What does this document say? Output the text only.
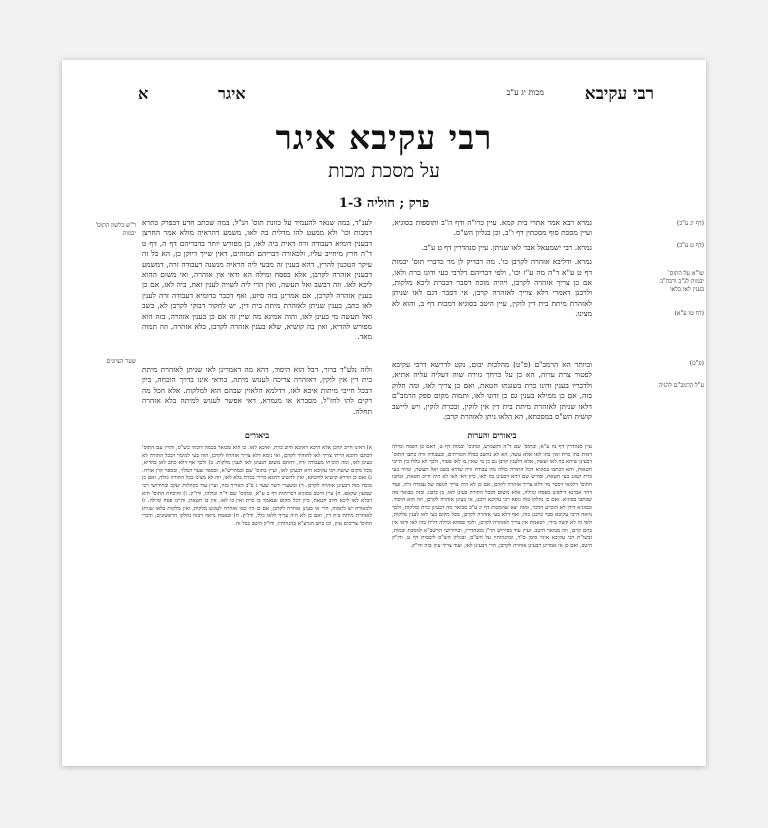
רבי עקיבא
מכות יג ע"ב
איגר
א
רבי עקיבא איגר
על מסכת מכות
פרק ; חוליה 1-3
(דף יג ע"ב)
(דף ט ע"ב)
(דף טו ע"א)
(פ"ט)
ר"ש בלשון התוס' יבמות
שו"א על התוס' יבמות לג"ב ורבה"ב בענין לאו בלאו
ע"ל הרמב"ם להגיה
שער הציונים

גמרא רבא אמר אתרי בית קמא. עיין כרו"ה ודף ה"ב ותוספות בסוגיא, ועיין מסכת סוף מסכתין דף ו"ב, וכן בגליון הש"ס.

גמרא. רבי ישמעאל אבר לאו שניתן. עיין סנהדרין דף ט ע"ב.

גמרא. ודליבא אזהרה לקרבן כו'. מה דבדיק לן מר כדברי תוס' יבמות דף ט ע"א ד"ה מה ע"ז וכו', ולפי דבריהם דלרבי בעי ודונו כרת ולאו, אם כן צריך אזהרה לקרבן, ויהיה מוכח דסבר דבכרת ליכא מלקות, ולרבנן דאמרי דלא צריך לאזהרה קרבן, אי דסבר דגם לאו שניתן לאזהרת מיתת בית דין לוקין, עיין היטב בסוגיא דמכות דף ב, והוא לא מצינו.

לענ"ד, במה שנאר להעמיד על כוונת תוס' הנ"ל, במה שכתב חדע דבפרק כתרא דמכות וכו' ולא ממעט להו מדלית בה לאו, משמע דהראיה מולא אמר החרצן דבענין דומיא דעבודה זרה דאית ביה לאו, כן מפורש יותר בדבריהם דף ה, דף ט ד"ה חרץ מיחייב עליו, ולכאורה דבריהם תמוהים, דאין שייך דיוקן כן, הא כל זה עיקר הטכנון להרץ, דהא בענין זה מבעי ליה הראיה מנשנה דעבודה זרה, דמשמע דבענין אזהרה לקרבן, אלא בפסח ומילה הא ודאי אין אזהרה, ואי משום ההוא ליכא לאו. וזה דבשב ואל תעשה, ואין הרי ליה לשויה לענין זאת, ביה לאו, אם כן בענין אזהרה לקרבן, אם אמרינן בזה סיוע, ואף דכבר בדומיא דעבודה זרה לענין לאו כתב, בענין שניתן לאזהרת מיתת בית דין, יש לחקור דבוקי לקרבן לא, בשב ואל תעשה מי בעינן לאו, והוה אמינא מה שיין זה אם כן בענין אזהרה, בזה הוא מפורש להדיא, ואין בה קושיא, שלא בענין אזהרה לקרבן, בלא אזהרה, וזה תמוה מאד.

וביותר הא הרמב"ם (פ"ט) מהלכות יבום, נקט לדרשא דרבי עקיבא לפטור צרת ערוה, הא כן על כרחך גזירה שוה דעליה עליה אתיא, ולדבריו בענין זדונו כרת בשגגתו חטאת, ואם כן צריך לאו, ומה חלוק בזה, אם כן ממילא בענין גם כן זדונו לאו, ותמוה מקום ספק הרמב"ם דלאו שניתן לאזהרת מיתת בית דין אין לוקין, ובכרת לוקין, ויש ליישב קושית הש"ס במסכתא, הא הלאו ניתן לאזהרת קרבן.

ולזה נלע"ד ברור, דבל הוא היסוד, דהא מה דאמרינן לאו שניתן לאזהרת מיתת בית דין אין לוקין, דאזהרה צריכה לענוש מיתה, בודאי אינו בדרך הוכחה, כיון דבכל חייבי מיתות איכא לאו, דדלמא הלאוין שבהם הוא למלקות. אלא הכל מה דקים להו לחז"ל, מסברא או מגמרא, דאי אפשר לענוש למיתה בלא אזהרה תחלה.

ביאורים והערות
ביאורים
עיין סנהדרין דף נה ע"א, ובתוס' שם ד"ה ותשמיש, ובתוס' יבמות דף ט, דאם כן דפסח ומילה דאית בהו כרת ואין בהו לאו אלא עשה, הא לא נחשב בכלל הכורתים, ובעבודה זרה כתבו התוס' דבעינן שיהא בה לאו ועשה, אלא דלענין קרבן גם כן מי שאין בו לאו פטור, ולכך לא כללו בין חייבי חטאות, והא דכתבו בסוגיא דכל התורה כולה מה עבודה זרה שהיא בשב ואל תעשה, ומזיד בעי כרת ושוגג בעי חטאת, ופירש שם דהא דבעינן בה לאו, כיון דאי לאו לא היה חייב חטאת, וכתבו התוס' דלמאי דסבר מר דלא צריך אזהרה לקרבן, אם כן לא היה צריך לגופה של עבודה זרה, ועוד דהוי אמינא דילפינן מפסח ומילה, אלא משום דבכל התורה בעינן לאו, כן כתבו. ובזה מבואר מה שכתבו בסוגיא. ואם כן נחלקו בזה גופא רבי עקיבא ורבנן, אי בעינן אזהרה לקרבן, וזה הוא היסוד. ובסוגיא דידן לא הוכרע הדבר, ומזה יצא שהמכות דף יג ע"ב מבואר מה דבעינן כרת ומלקות, ולכך נראה דרבי עקיבא סבר כרבנן בזה, ואף דלא בעי אזהרה לקרבן, מכל מקום בעי לאו לענין מלקות, ולפי זה לא קשה מידי, דבאמת אין צריך לאזהרה לקרבן, ולכך פסחא ומילה דלית בהו לאו ודאי אין בהם קרבן, וזה מבואר היטב. ועיין עוד בפירוש הר"ן בסנהדרין, ובחידושי הרשב"א למסכת יבמות, ובשו"ת רבי עקיבא איגר סימן ס"ד, ובהגהותיו על הש"ס, ובגליון הש"ס ליבמות דף ט, ודו"ק היטב. ואם כן אי אמרינן דבעינן אזהרה לקרבן, הרי דבעינן לאו, ועוד צריך עיון בזה ודו"ק.
א) דאינו חייב קרבן אלא היכא דאיכא חיוב כרת, ואיכא לאו. כן הוא מבואר בכמה דוכתי בש"ס, והדין עם התוס' דכתבו דהכא הייתי צריך לאו להזהיר לקרבן, ואי נימא דלא צריך אזהרה לקרבן, הוה בעי למימר דבכל התורה לא בעינן לאו, ומה הוכיחו מעבודה זרה, דהתם משום דבעינן לאו לענין מלקות. ב) ולכך אף דלא כתב לאו בהדיא, מכל מקום שיטת רבי עקיבא היא דבעינן לאו, ועיין בתוס' שם ובמהרש"א, ובספר שער המלך, ובספר קרן אורה. ג) ואם כן הדרא קושיא לדוכתא, ואין להשיב דהכא מיירי בכרת בלא לאו, וזה לא מצינו בכל התורה כולה, ואם כן מוכח מזה דבעינן אזהרה לקרבן. ד) ובשערי יושר שער ג פ"ב האריך בזה, ועיין עוד בקהלות יעקב ובחידושי רבי שמעון שקאפ. ה) עיין היטב בסוגיא דכריתות דף ב ע"א, ובתוס' שם ד"ה וכולהו, ודו"ק. ו) והוכחת התוס' היא דבלא לאו ליכא חיוב חטאת, כיון דכל מקום שנאמר בו כרת ואין בו לאו, אין בו חטאת, והיינו פסח ומילה. ז) ולכאורה יש לתמוה, הרי אי בעינן אזהרה לקרבן, אם כן הוי כמו אזהרה לעונש מלקות, ואין מלקות בלאו שניתן לאזהרת מיתת בית דין, ואם כן לא היה צריך ללאו כלל, ודו"ק. ח) ובאמת נראה דבזה נחלקו הראשונים, ודברי התוס' צריכים עיון, וכן כתב הגרע"א בהגהותיו, ודו"ק היטב בכל זה.
